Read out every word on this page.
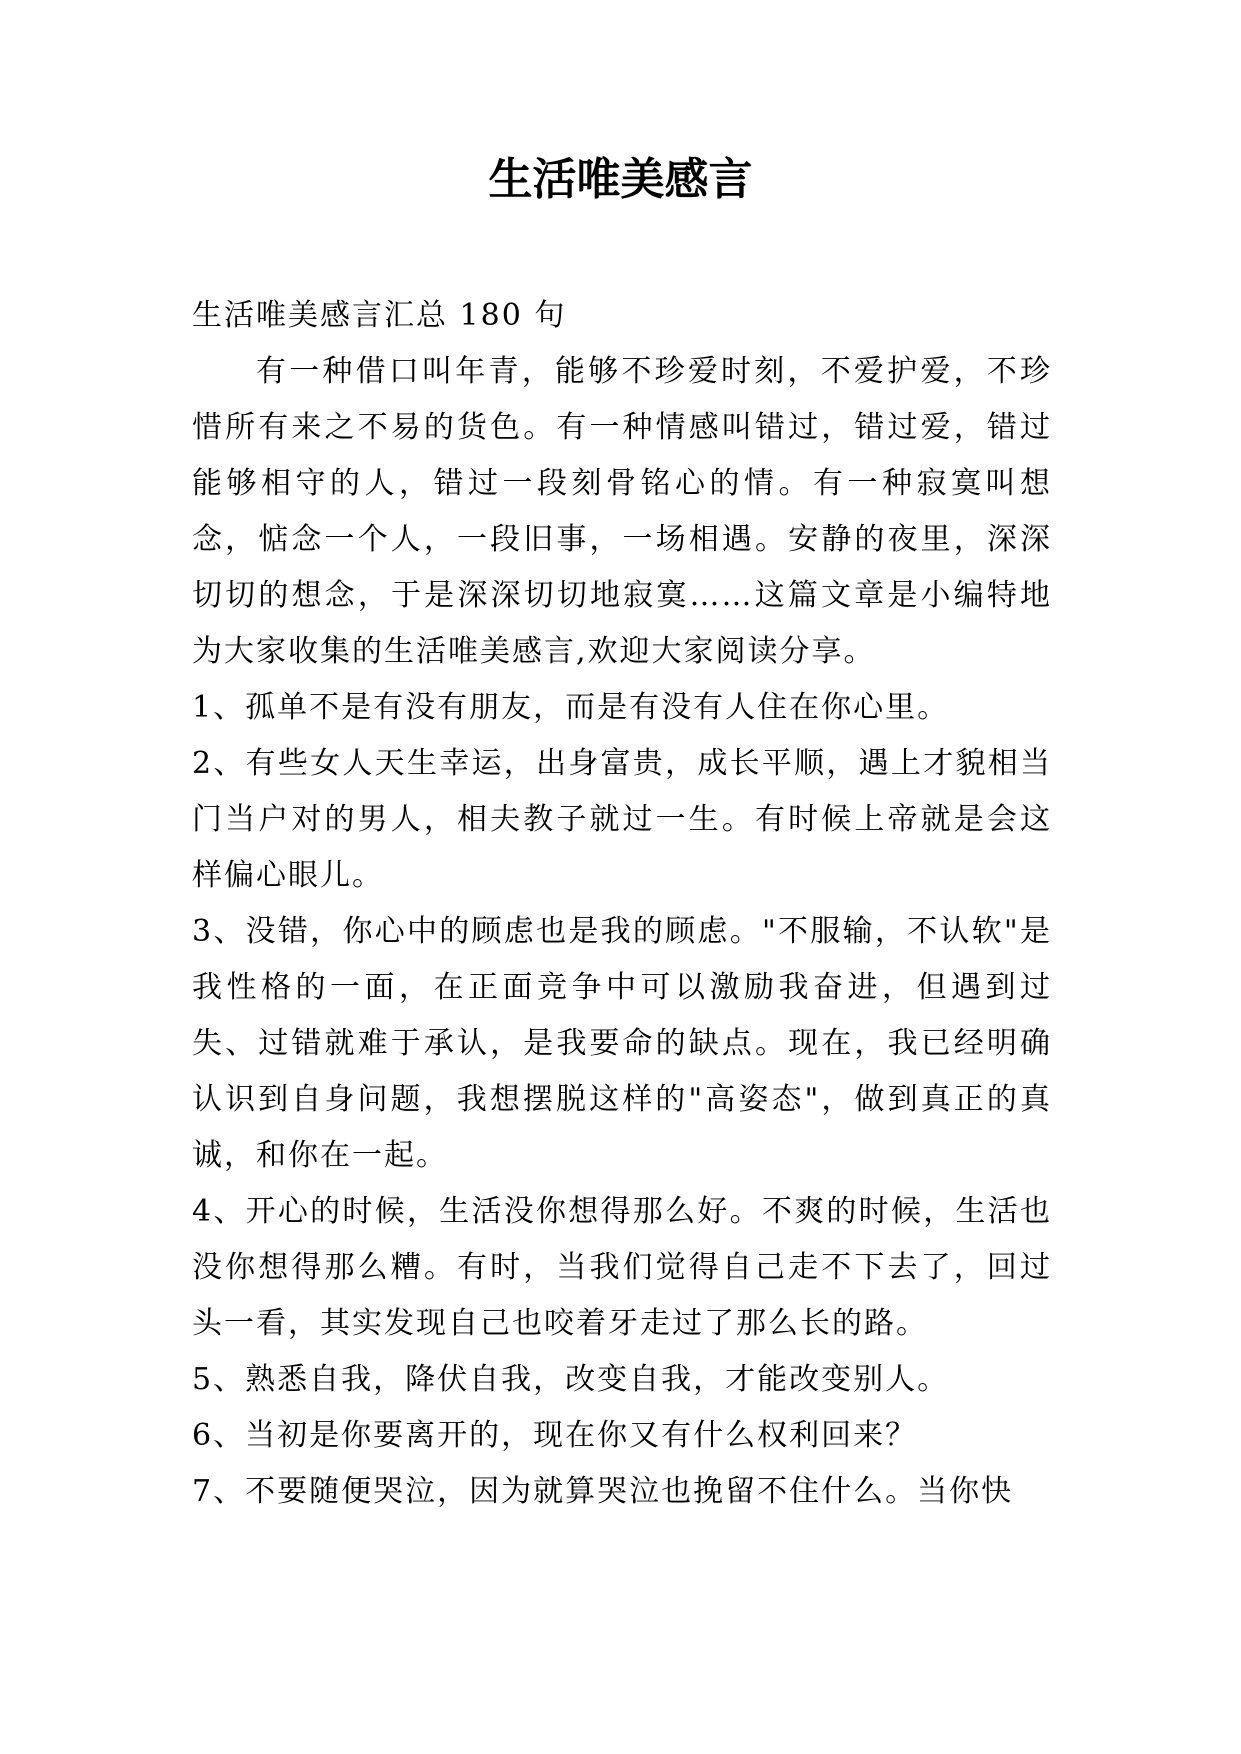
生活唯美感言

生活唯美感言汇总 180 句

有一种借口叫年青，能够不珍爱时刻，不爱护爱，不珍惜所有来之不易的货色。有一种情感叫错过，错过爱，错过能够相守的人，错过一段刻骨铭心的情。有一种寂寞叫想念，惦念一个人，一段旧事，一场相遇。安静的夜里，深深切切的想念，于是深深切切地寂寞……这篇文章是小编特地为大家收集的生活唯美感言,欢迎大家阅读分享。

1、孤单不是有没有朋友，而是有没有人住在你心里。

2、有些女人天生幸运，出身富贵，成长平顺，遇上才貌相当门当户对的男人，相夫教子就过一生。有时候上帝就是会这样偏心眼儿。

3、没错，你心中的顾虑也是我的顾虑。"不服输，不认软"是我性格的一面，在正面竞争中可以激励我奋进，但遇到过失、过错就难于承认，是我要命的缺点。现在，我已经明确认识到自身问题，我想摆脱这样的"高姿态"，做到真正的真诚，和你在一起。

4、开心的时候，生活没你想得那么好。不爽的时候，生活也没你想得那么糟。有时，当我们觉得自己走不下去了，回过头一看，其实发现自己也咬着牙走过了那么长的路。

5、熟悉自我，降伏自我，改变自我，才能改变别人。

6、当初是你要离开的，现在你又有什么权利回来？

7、不要随便哭泣，因为就算哭泣也挽留不住什么。当你快
